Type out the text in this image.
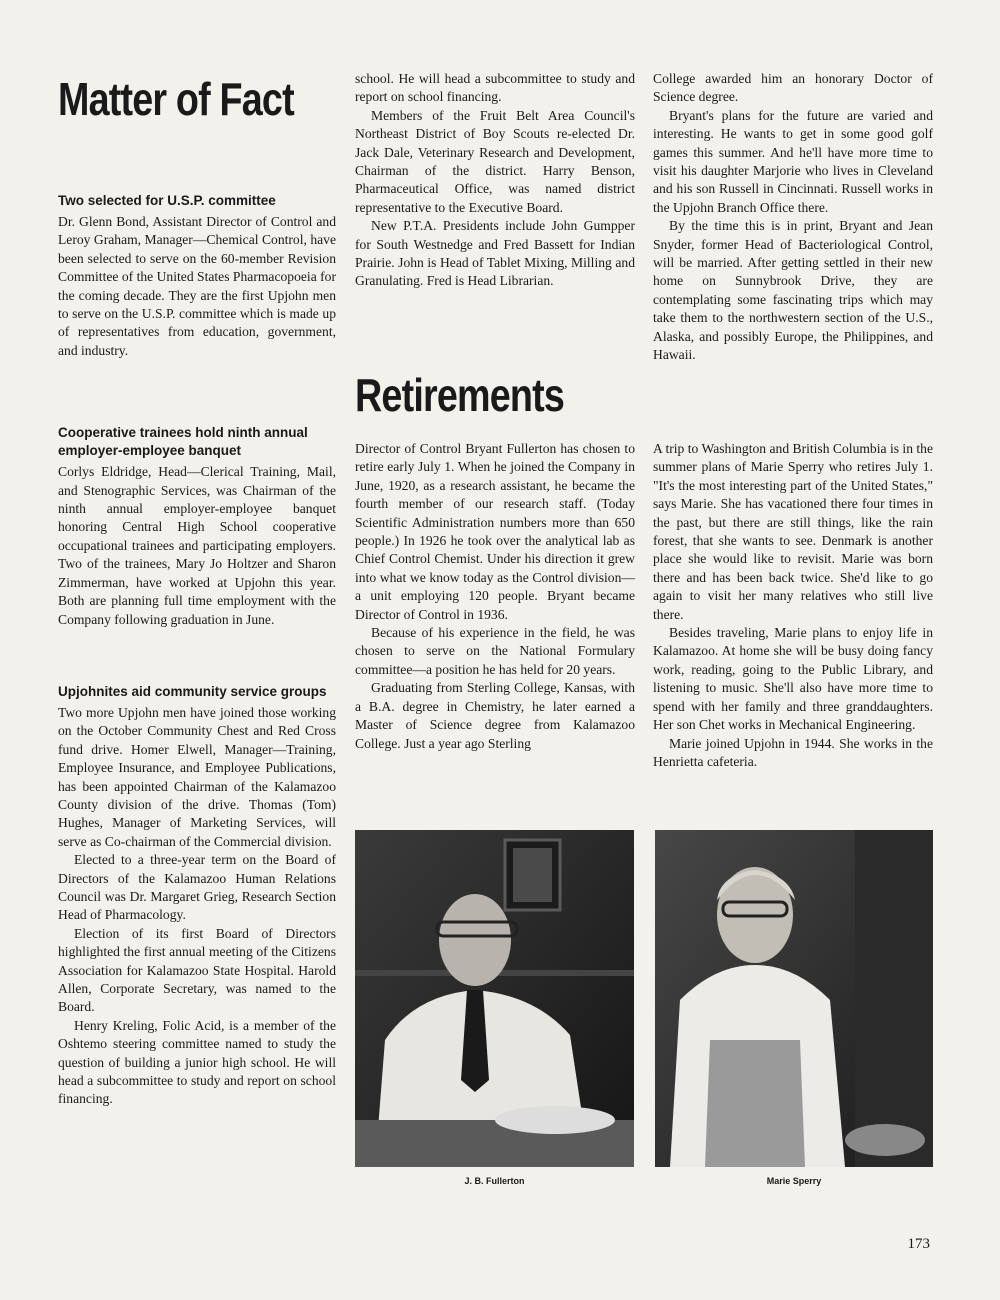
Matter of Fact
Two selected for U.S.P. committee

Dr. Glenn Bond, Assistant Director of Control and Leroy Graham, Manager—Chemical Control, have been selected to serve on the 60-member Revision Committee of the United States Pharmacopoeia for the coming decade. They are the first Upjohn men to serve on the U.S.P. committee which is made up of representatives from education, government, and industry.

Cooperative trainees hold ninth annual employer-employee banquet

Corlys Eldridge, Head—Clerical Training, Mail, and Stenographic Services, was Chairman of the ninth annual employer-employee banquet honoring Central High School cooperative occupational trainees and participating employers. Two of the trainees, Mary Jo Holtzer and Sharon Zimmerman, have worked at Upjohn this year. Both are planning full time employment with the Company following graduation in June.

Upjohnites aid community service groups

Two more Upjohn men have joined those working on the October Community Chest and Red Cross fund drive. Homer Elwell, Manager—Training, Employee Insurance, and Employee Publications, has been appointed Chairman of the Kalamazoo County division of the drive. Thomas (Tom) Hughes, Manager of Marketing Services, will serve as Co-chairman of the Commercial division.

Elected to a three-year term on the Board of Directors of the Kalamazoo Human Relations Council was Dr. Margaret Grieg, Research Section Head of Pharmacology.

Election of its first Board of Directors highlighted the first annual meeting of the Citizens Association for Kalamazoo State Hospital. Harold Allen, Corporate Secretary, was named to the Board.

Henry Kreling, Folic Acid, is a member of the Oshtemo steering committee named to study the question of building a junior high school. He will head a subcommittee to study and report on school financing.

school. He will head a subcommittee to study and report on school financing.

Members of the Fruit Belt Area Council's Northeast District of Boy Scouts re-elected Dr. Jack Dale, Veterinary Research and Development, Chairman of the district. Harry Benson, Pharmaceutical Office, was named district representative to the Executive Board.

New P.T.A. Presidents include John Gumpper for South Westnedge and Fred Bassett for Indian Prairie. John is Head of Tablet Mixing, Milling and Granulating. Fred is Head Librarian.

College awarded him an honorary Doctor of Science degree.

Bryant's plans for the future are varied and interesting. He wants to get in some good golf games this summer. And he'll have more time to visit his daughter Marjorie who lives in Cleveland and his son Russell in Cincinnati. Russell works in the Upjohn Branch Office there.

By the time this is in print, Bryant and Jean Snyder, former Head of Bacteriological Control, will be married. After getting settled in their new home on Sunnybrook Drive, they are contemplating some fascinating trips which may take them to the northwestern section of the U.S., Alaska, and possibly Europe, the Philippines, and Hawaii.

Retirements

Director of Control Bryant Fullerton has chosen to retire early July 1. When he joined the Company in June, 1920, as a research assistant, he became the fourth member of our research staff. (Today Scientific Administration numbers more than 650 people.) In 1926 he took over the analytical lab as Chief Control Chemist. Under his direction it grew into what we know today as the Control division—a unit employing 120 people. Bryant became Director of Control in 1936.

Because of his experience in the field, he was chosen to serve on the National Formulary committee—a position he has held for 20 years.

Graduating from Sterling College, Kansas, with a B.A. degree in Chemistry, he later earned a Master of Science degree from Kalamazoo College. Just a year ago Sterling

A trip to Washington and British Columbia is in the summer plans of Marie Sperry who retires July 1. "It's the most interesting part of the United States," says Marie. She has vacationed there four times in the past, but there are still things, like the rain forest, that she wants to see. Denmark is another place she would like to revisit. Marie was born there and has been back twice. She'd like to go again to visit her many relatives who still live there.

Besides traveling, Marie plans to enjoy life in Kalamazoo. At home she will be busy doing fancy work, reading, going to the Public Library, and listening to music. She'll also have more time to spend with her family and three granddaughters. Her son Chet works in Mechanical Engineering.

Marie joined Upjohn in 1944. She works in the Henrietta cafeteria.

J. B. Fullerton	Marie Sperry
173
